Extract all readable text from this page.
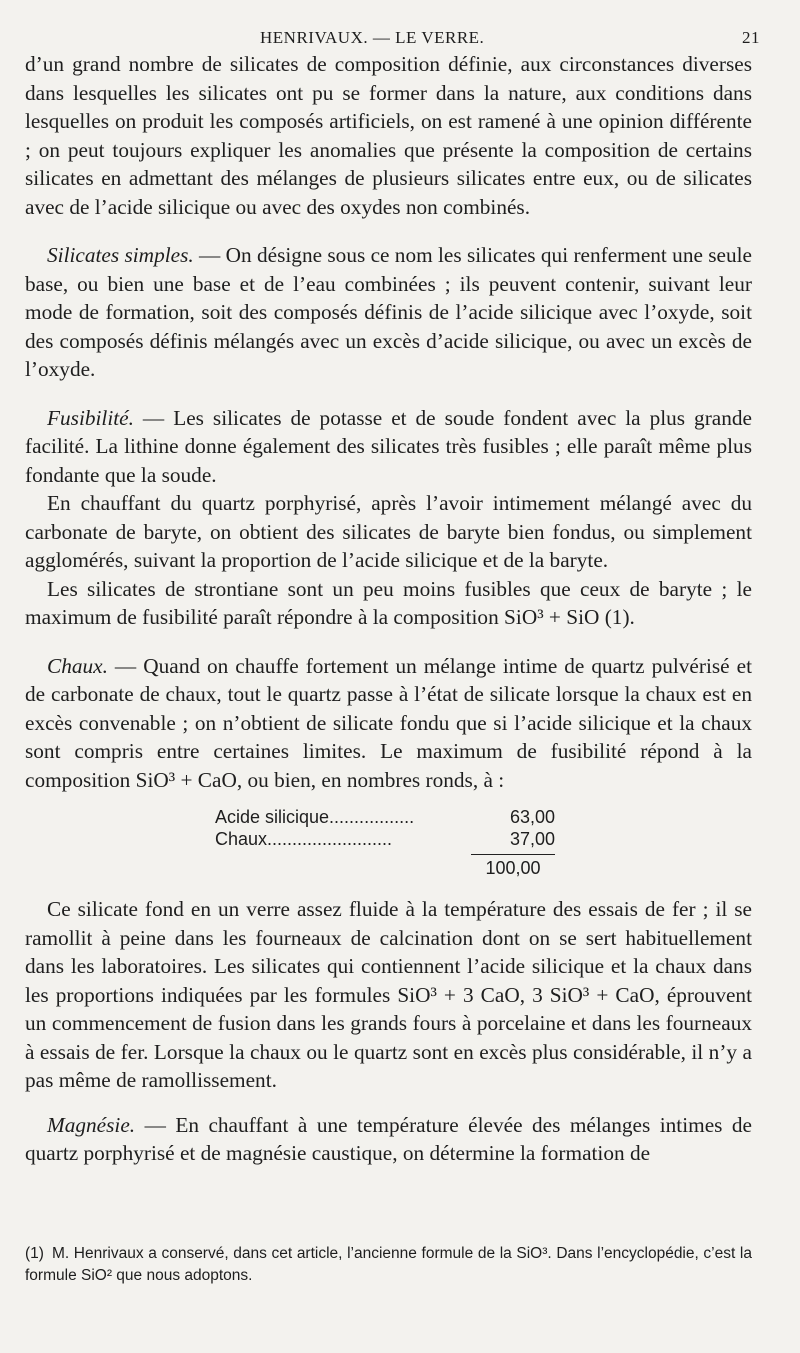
HENRIVAUX. — LE VERRE.	21

d’un grand nombre de silicates de composition définie, aux circonstances diverses dans lesquelles les silicates ont pu se former dans la nature, aux conditions dans lesquelles on produit les composés artificiels, on est ramené à une opinion différente ; on peut toujours expliquer les anomalies que présente la composition de certains silicates en admettant des mélanges de plusieurs silicates entre eux, ou de silicates avec de l’acide silicique ou avec des oxydes non combinés.

Silicates simples. — On désigne sous ce nom les silicates qui renferment une seule base, ou bien une base et de l’eau combinées ; ils peuvent contenir, suivant leur mode de formation, soit des composés définis de l’acide silicique avec l’oxyde, soit des composés définis mélangés avec un excès d’acide silicique, ou avec un excès de l’oxyde.

Fusibilité. — Les silicates de potasse et de soude fondent avec la plus grande facilité. La lithine donne également des silicates très fusibles ; elle paraît même plus fondante que la soude.

En chauffant du quartz porphyrisé, après l’avoir intimement mélangé avec du carbonate de baryte, on obtient des silicates de baryte bien fondus, ou simplement agglomérés, suivant la proportion de l’acide silicique et de la baryte.

Les silicates de strontiane sont un peu moins fusibles que ceux de baryte ; le maximum de fusibilité paraît répondre à la composition SiO³ + SiO (1).

Chaux. — Quand on chauffe fortement un mélange intime de quartz pulvérisé et de carbonate de chaux, tout le quartz passe à l’état de silicate lorsque la chaux est en excès convenable ; on n’obtient de silicate fondu que si l’acide silicique et la chaux sont compris entre certaines limites. Le maximum de fusibilité répond à la composition SiO³ + CaO, ou bien, en nombres ronds, à :

Acide silicique.................	63,00
Chaux.........................	37,00
100,00

Ce silicate fond en un verre assez fluide à la température des essais de fer ; il se ramollit à peine dans les fourneaux de calcination dont on se sert habituellement dans les laboratoires. Les silicates qui contiennent l’acide silicique et la chaux dans les proportions indiquées par les formules SiO³ + 3 CaO, 3 SiO³ + CaO, éprouvent un commencement de fusion dans les grands fours à porcelaine et dans les fourneaux à essais de fer. Lorsque la chaux ou le quartz sont en excès plus considérable, il n’y a pas même de ramollissement.

Magnésie. — En chauffant à une température élevée des mélanges intimes de quartz porphyrisé et de magnésie caustique, on détermine la formation de

(1) M. Henrivaux a conservé, dans cet article, l’ancienne formule de la SiO³. Dans l’encyclopédie, c’est la formule SiO² que nous adoptons.
